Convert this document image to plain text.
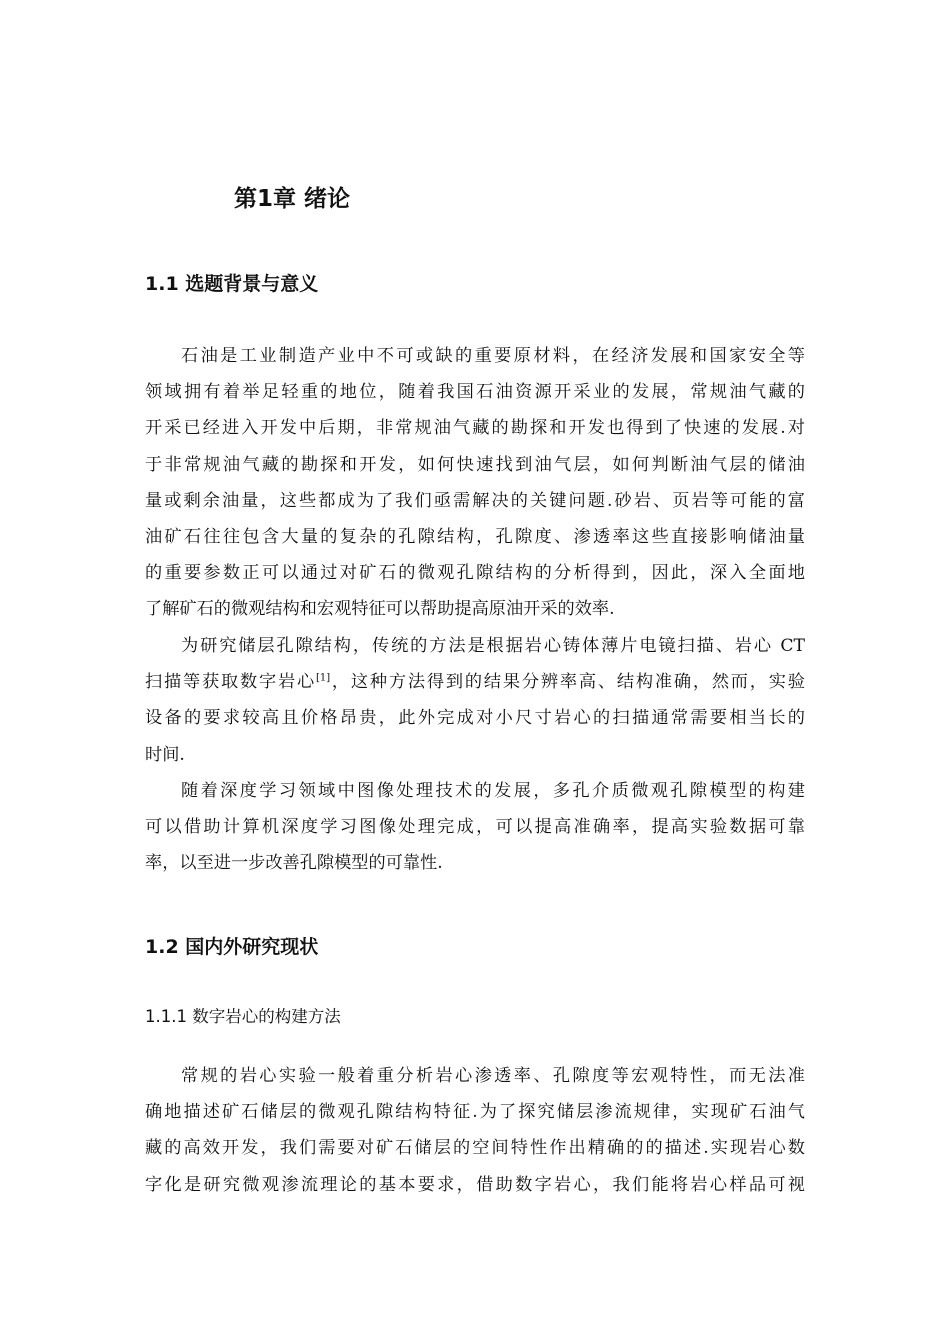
第1章 绪论
1.1 选题背景与意义
石油是工业制造产业中不可或缺的重要原材料，在经济发展和国家安全等
领域拥有着举足轻重的地位，随着我国石油资源开采业的发展，常规油气藏的
开采已经进入开发中后期，非常规油气藏的勘探和开发也得到了快速的发展.对
于非常规油气藏的勘探和开发，如何快速找到油气层，如何判断油气层的储油
量或剩余油量，这些都成为了我们亟需解决的关键问题.砂岩、页岩等可能的富
油矿石往往包含大量的复杂的孔隙结构，孔隙度、渗透率这些直接影响储油量
的重要参数正可以通过对矿石的微观孔隙结构的分析得到，因此，深入全面地
了解矿石的微观结构和宏观特征可以帮助提高原油开采的效率.
为研究储层孔隙结构，传统的方法是根据岩心铸体薄片电镜扫描、岩心 CT
扫描等获取数字岩心[1]，这种方法得到的结果分辨率高、结构准确，然而，实验
设备的要求较高且价格昂贵，此外完成对小尺寸岩心的扫描通常需要相当长的
时间.
随着深度学习领域中图像处理技术的发展，多孔介质微观孔隙模型的构建
可以借助计算机深度学习图像处理完成，可以提高准确率，提高实验数据可靠
率，以至进一步改善孔隙模型的可靠性.
1.2 国内外研究现状
1.1.1 数字岩心的构建方法
常规的岩心实验一般着重分析岩心渗透率、孔隙度等宏观特性，而无法准
确地描述矿石储层的微观孔隙结构特征.为了探究储层渗流规律，实现矿石油气
藏的高效开发，我们需要对矿石储层的空间特性作出精确的的描述.实现岩心数
字化是研究微观渗流理论的基本要求，借助数字岩心，我们能将岩心样品可视
